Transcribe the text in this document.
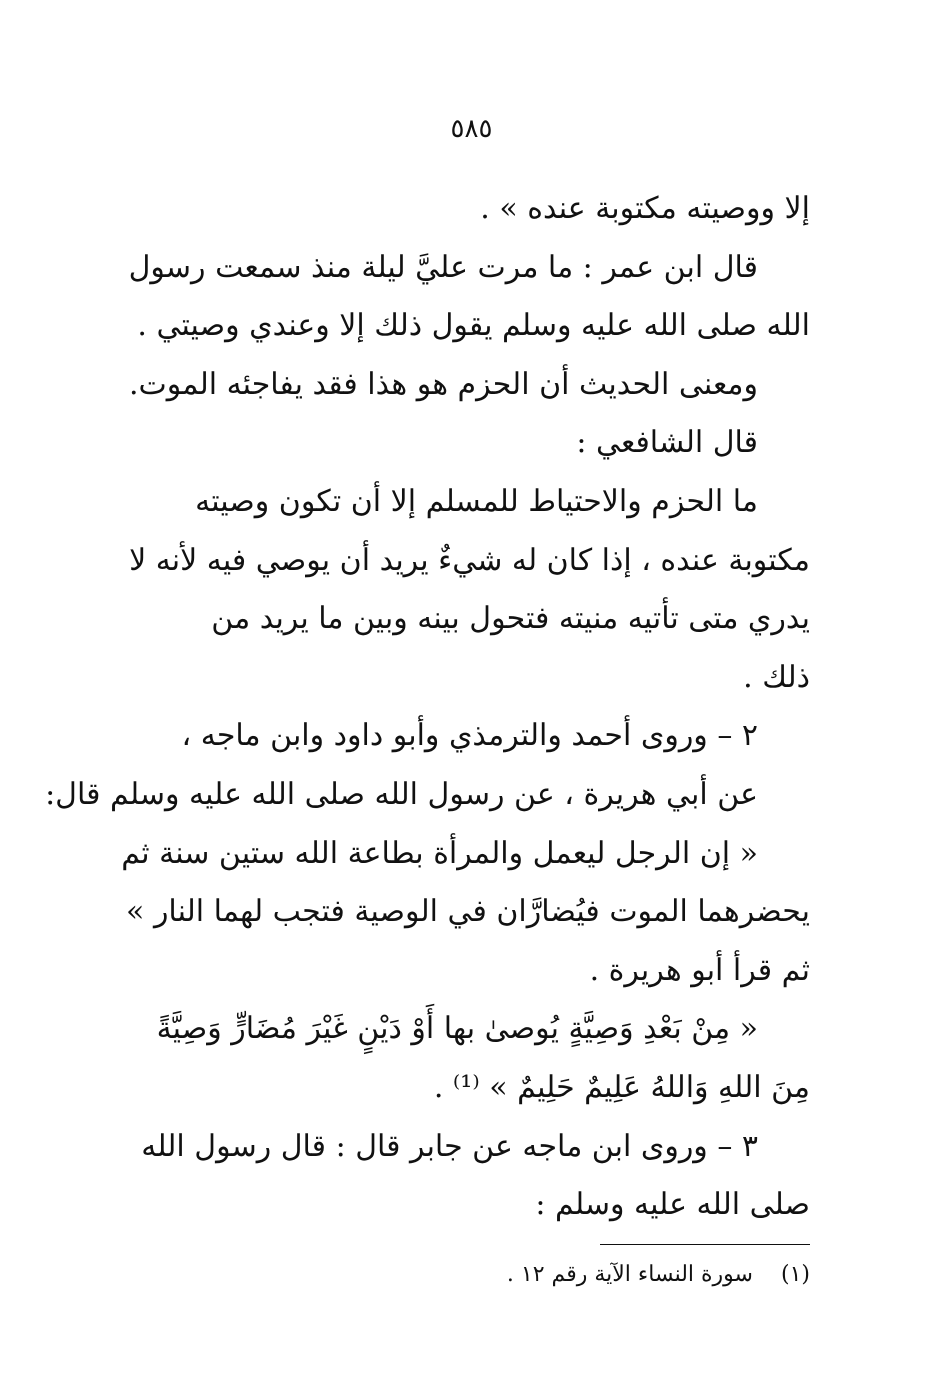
٥٨٥
إلا ووصيته مكتوبة عنده » .
قال ابن عمر : ما مرت عليَّ ليلة منذ سمعت رسول
الله صلى الله عليه وسلم يقول ذلك إلا وعندي وصيتي .
ومعنى الحديث أن الحزم هو هذا فقد يفاجئه الموت.
قال الشافعي :
ما الحزم والاحتياط للمسلم إلا أن تكون وصيته
مكتوبة عنده ، إذا كان له شيءٌ يريد أن يوصي فيه لأنه لا
يدري متى تأتيه منيته فتحول بينه وبين ما يريد من
ذلك .
٢ – وروى أحمد والترمذي وأبو داود وابن ماجه ،
عن أبي هريرة ، عن رسول الله صلى الله عليه وسلم قال:
« إن الرجل ليعمل والمرأة بطاعة الله ستين سنة ثم
يحضرهما الموت فيُضارَّان في الوصية فتجب لهما النار »
ثم قرأ أبو هريرة .
« مِنْ بَعْدِ وَصِيَّةٍ يُوصىٰ بها أَوْ دَيْنٍ غَيْرَ مُضَارٍّ وَصِيَّةً
مِنَ اللهِ وَاللهُ عَلِيمٌ حَلِيمٌ » ⁽¹⁾ .
٣ – وروى ابن ماجه عن جابر قال : قال رسول الله
صلى الله عليه وسلم :
(١)سورة النساء الآية رقم ١٢ .
